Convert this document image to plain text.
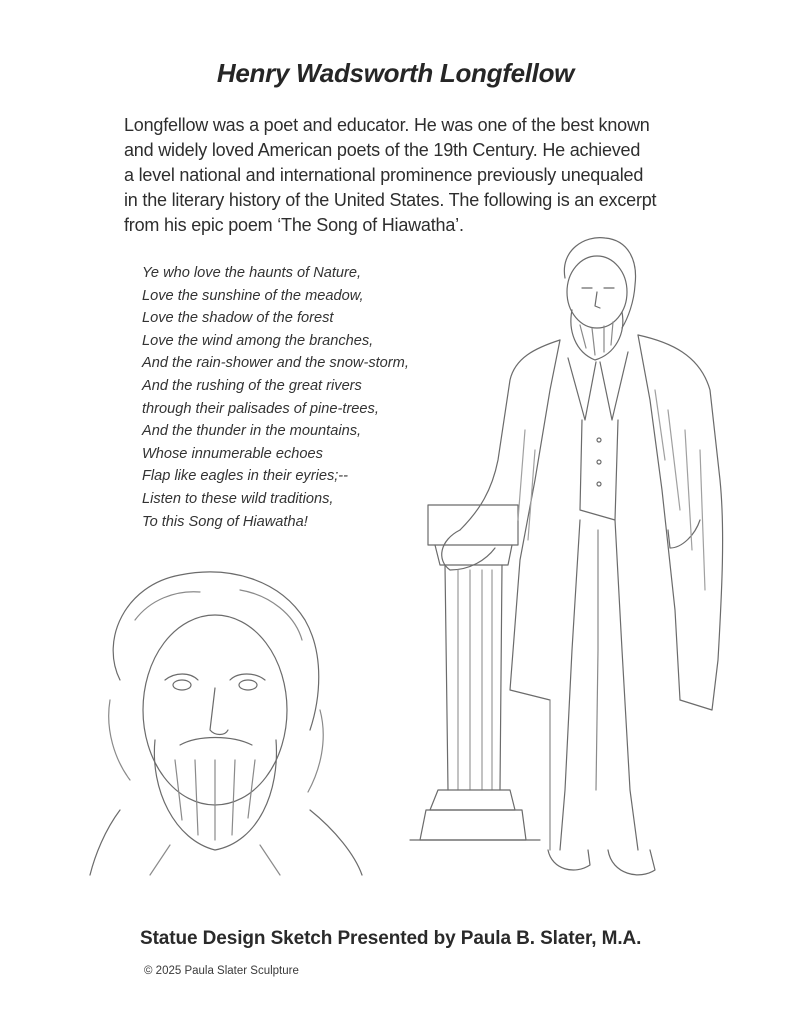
Henry Wadsworth Longfellow
Longfellow was a poet and educator. He was one of the best known
and widely loved American poets of the 19th Century. He achieved
a level national and international prominence previously unequaled
in the literary history of the United States. The following is an excerpt
from his epic poem ‘The Song of Hiawatha’.
Ye who love the haunts of Nature,
Love the sunshine of the meadow,
Love the shadow of the forest
Love the wind among the branches,
And the rain-shower and the snow-storm,
And the rushing of the great rivers
through their palisades of pine-trees,
And the thunder in the mountains,
Whose innumerable echoes
Flap like eagles in their eyries;--
Listen to these wild traditions,
To this Song of Hiawatha!
Statue Design Sketch Presented by Paula B. Slater, M.A.
© 2025 Paula Slater Sculpture
